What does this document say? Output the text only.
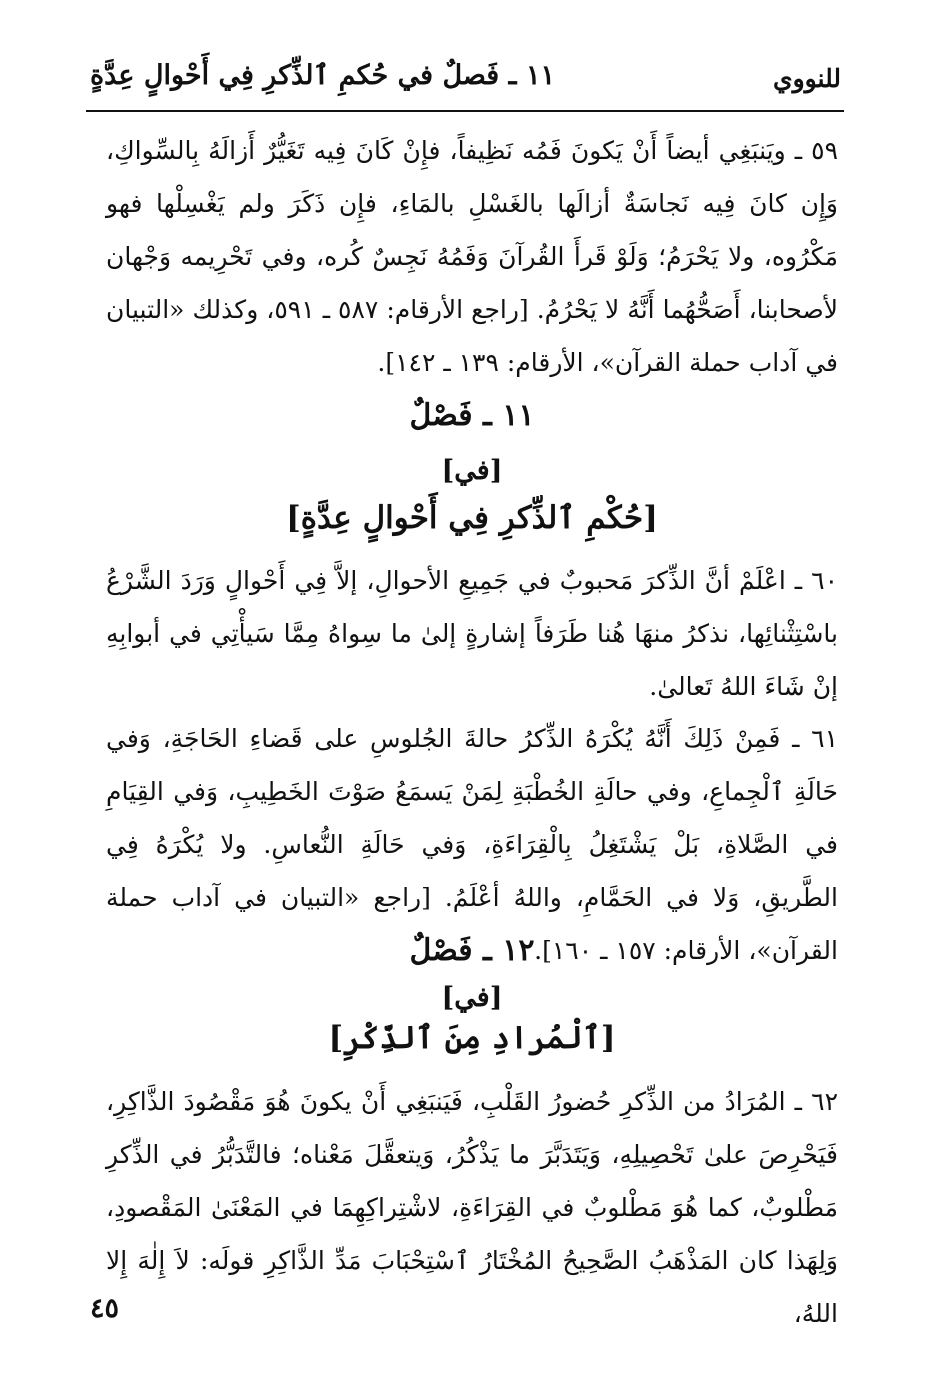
للنووي
١١ ـ فَصلٌ في حُكمِ ٱلذِّكرِ فِي أَحْوالٍ عِدَّةٍ
٥٩ ـ ويَنبَغِي أيضاً أَنْ يَكونَ فَمُه نَظِيفاً، فإِنْ كَانَ فِيه تَغَيُّرٌ أَزالَهُ بِالسِّواكِ، وَإِن كانَ فِيه نَجاسَةٌ أزالَها بالغَسْلِ بالمَاءِ، فإِن ذَكَرَ ولم يَغْسِلْها فهو مَكْرُوه، ولا يَحْرَمُ؛ وَلَوْ قَرأَ القُرآنَ وَفَمُهُ نَجِسٌ كُره، وفي تَحْرِيمه وَجْهان لأصحابنا، أَصَحُّهُما أَنَّهُ لا يَحْرُمُ. [راجع الأرقام: ٥٨٧ ـ ٥٩١، وكذلك «التبيان في آداب حملة القرآن»، الأرقام: ١٣٩ ـ ١٤٢].
١١ ـ فَصْلٌ
[في]
[حُكْمِ ٱلذِّكرِ فِي أَحْوالٍ عِدَّةٍ]
٦٠ ـ اعْلَمْ أنَّ الذِّكرَ مَحبوبٌ في جَمِيعِ الأحوالِ، إلاَّ فِي أَحْوالٍ وَرَدَ الشَّرْعُ باسْتِثْنائِها، نذكرُ منهَا هُنا طَرَفاً إشارةٍ إلىٰ ما سِواهُ مِمَّا سَيأْتِي في أبوابِهِ إنْ شَاءَ اللهُ تَعالىٰ.
٦١ ـ فَمِنْ ذَلِكَ أَنَّهُ يُكْرَهُ الذِّكرُ حالةَ الجُلوسِ على قَضاءِ الحَاجَةِ، وَفي حَالَةِ ٱلْجِماعِ، وفي حالَةِ الخُطْبَةِ لِمَنْ يَسمَعُ صَوْتَ الخَطِيبِ، وَفي القِيَامِ في الصَّلاةِ، بَلْ يَشْتَغِلُ بِالْقِرَاءَةِ، وَفي حَالَةِ النُّعاسِ. ولا يُكْرَهُ فِي الطَّريقِ، وَلا في الحَمَّامِ، واللهُ أعْلَمُ. [راجع «التبيان في آداب حملة القرآن»، الأرقام: ١٥٧ ـ ١٦٠].
١٢ ـ فَصْلٌ
[في]
[ٱلْمُرادِ مِنَ ٱلذِّكْرِ]
٦٢ ـ المُرَادُ من الذِّكرِ حُضورُ القَلْبِ، فَيَنبَغِي أَنْ يكونَ هُوَ مَقْصُودَ الذَّاكِرِ، فَيَحْرِصَ علىٰ تَحْصِيلِهِ، وَيَتَدَبَّرَ ما يَذْكُرُ، وَيتعقَّلَ مَعْناه؛ فالتَّدَبُّرُ في الذِّكرِ مَطْلوبٌ، كما هُوَ مَطْلوبٌ في القِرَاءَةِ، لاشْتِراكِهِمَا في المَعْنَىٰ المَقْصودِ، وَلِهَذا كان المَذْهَبُ الصَّحِيحُ المُخْتَارُ ٱسْتِحْبَابَ مَدِّ الذَّاكِرِ قولَه: لاَ إِلٰهَ إِلا اللهُ،
٤٥
